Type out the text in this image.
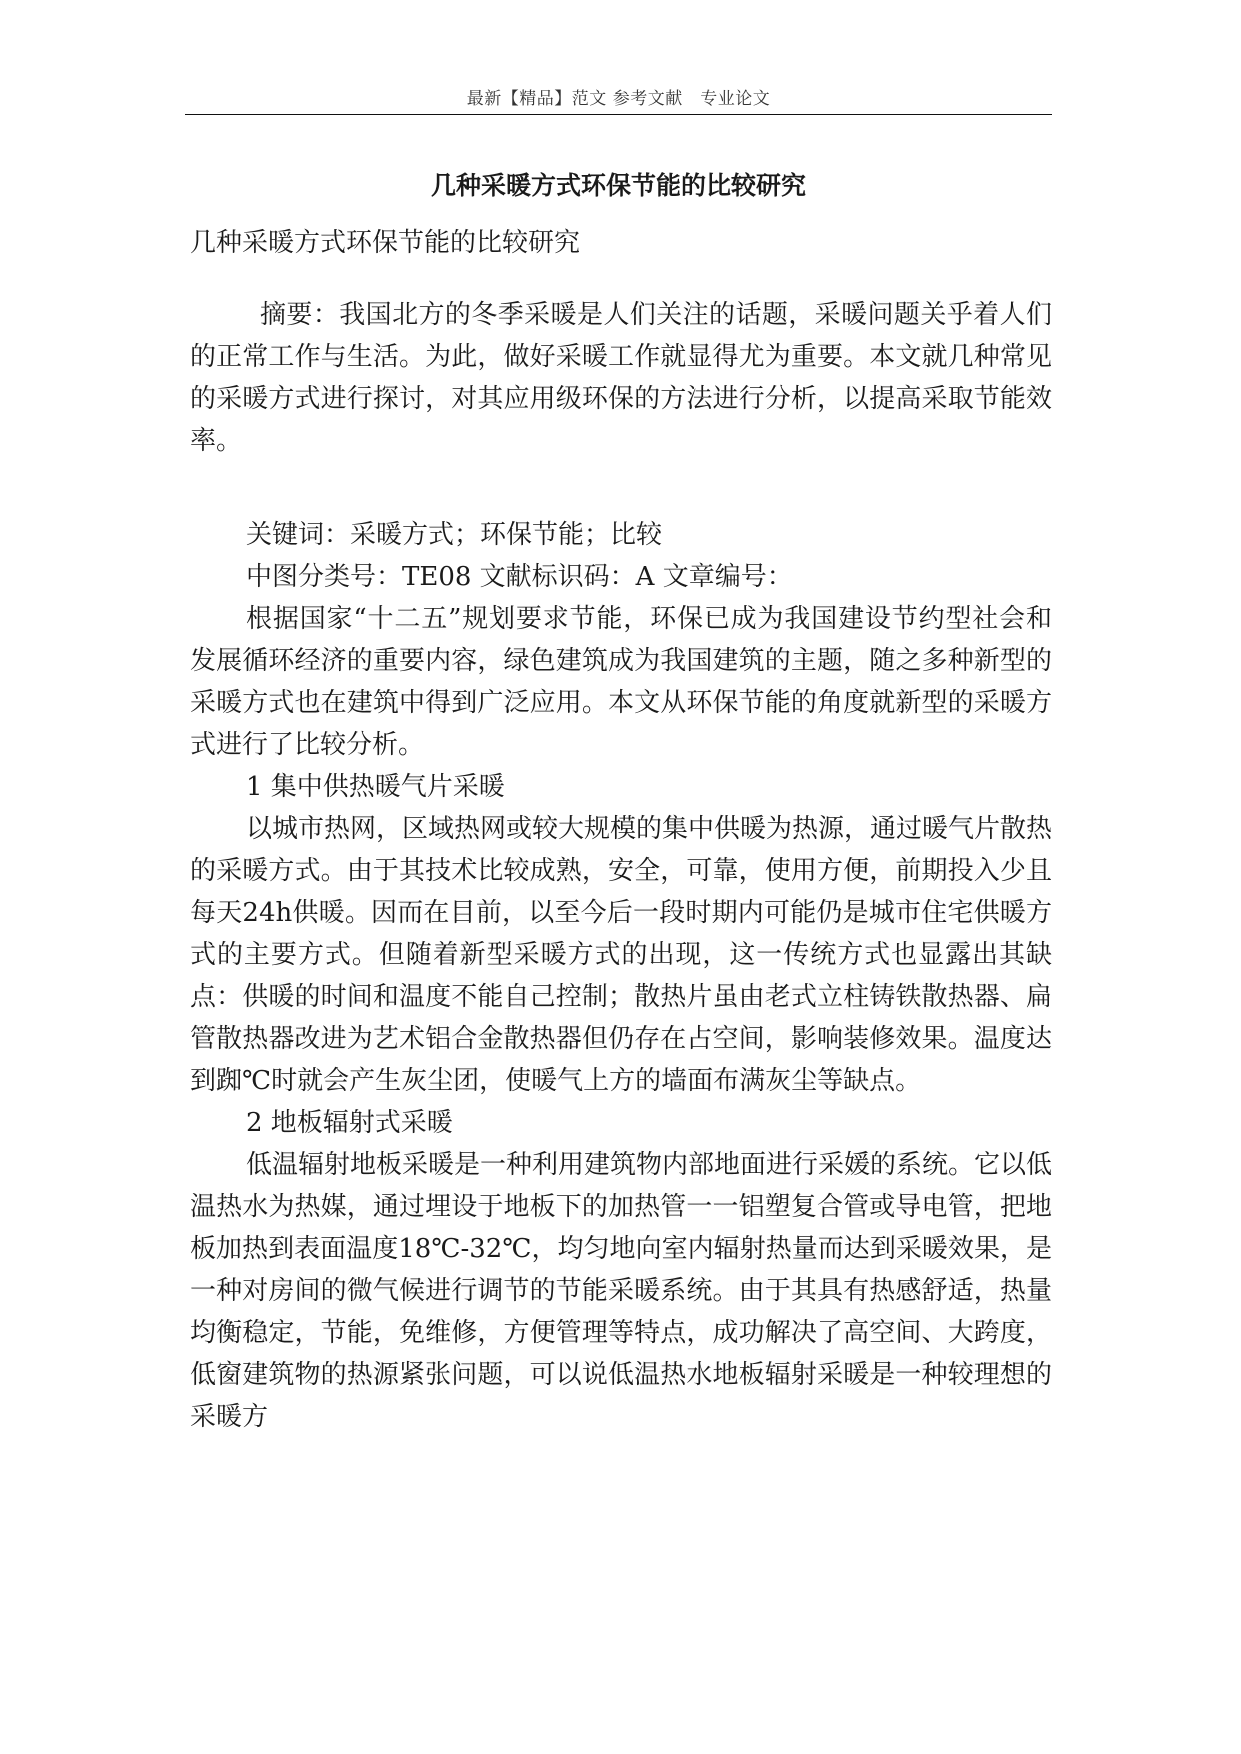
最新【精品】范文 参考文献　专业论文
几种采暖方式环保节能的比较研究

几种采暖方式环保节能的比较研究

摘要：我国北方的冬季采暖是人们关注的话题，采暖问题关乎着人们的正常工作与生活。为此，做好采暖工作就显得尤为重要。本文就几种常见的采暖方式进行探讨，对其应用级环保的方法进行分析，以提高采取节能效率。

关键词：采暖方式；环保节能；比较

中图分类号：TE08 文献标识码：A 文章编号：

根据国家“十二五”规划要求节能，环保已成为我国建设节约型社会和发展循环经济的重要内容，绿色建筑成为我国建筑的主题，随之多种新型的采暖方式也在建筑中得到广泛应用。本文从环保节能的角度就新型的采暖方式进行了比较分析。

1 集中供热暖气片采暖

以城市热网，区域热网或较大规模的集中供暖为热源，通过暖气片散热的采暖方式。由于其技术比较成熟，安全，可靠，使用方便，前期投入少且每天24h供暖。因而在目前，以至今后一段时期内可能仍是城市住宅供暖方式的主要方式。但随着新型采暖方式的出现，这一传统方式也显露出其缺点：供暖的时间和温度不能自己控制；散热片虽由老式立柱铸铁散热器、扁管散热器改进为艺术铝合金散热器但仍存在占空间，影响装修效果。温度达到踟℃时就会产生灰尘团，使暖气上方的墙面布满灰尘等缺点。

2 地板辐射式采暖

低温辐射地板采暖是一种利用建筑物内部地面进行采媛的系统。它以低温热水为热媒，通过埋设于地板下的加热管一一铝塑复合管或导电管，把地板加热到表面温度18℃-32℃，均匀地向室内辐射热量而达到采暖效果，是一种对房间的微气候进行调节的节能采暖系统。由于其具有热感舒适，热量均衡稳定，节能，免维修，方便管理等特点，成功解决了高空间、大跨度，低窗建筑物的热源紧张问题，可以说低温热水地板辐射采暖是一种较理想的采暖方
